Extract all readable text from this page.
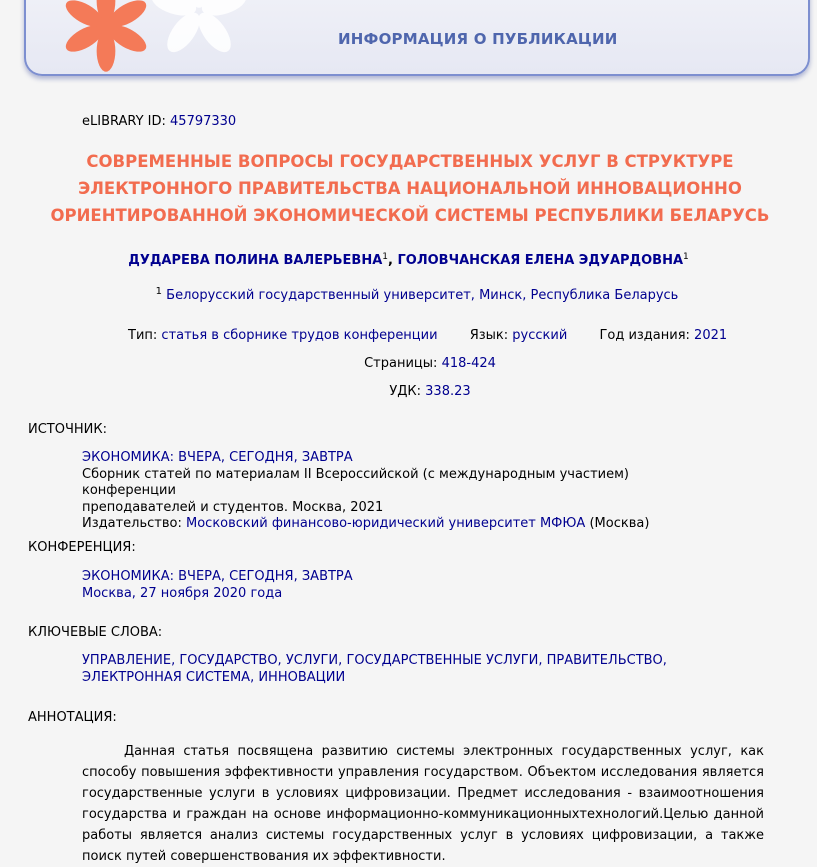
ИНФОРМАЦИЯ О ПУБЛИКАЦИИ
eLIBRARY ID: 45797330
СОВРЕМЕННЫЕ ВОПРОСЫ ГОСУДАРСТВЕННЫХ УСЛУГ В СТРУКТУРЕ
ЭЛЕКТРОННОГО ПРАВИТЕЛЬСТВА НАЦИОНАЛЬНОЙ ИННОВАЦИОННО
ОРИЕНТИРОВАННОЙ ЭКОНОМИЧЕСКОЙ СИСТЕМЫ РЕСПУБЛИКИ БЕЛАРУСЬ
ДУДАРЕВА ПОЛИНА ВАЛЕРЬЕВНА$^1$, ГОЛОВЧАНСКАЯ ЕЛЕНА ЭДУАРДОВНА$^1$
$^1$ Белорусский государственный университет, Минск, Республика Беларусь
Тип: статья в сборнике трудов конференции Язык: русский Год издания: 2021
Страницы: 418-424
УДК: 338.23
ИСТОЧНИК:
ЭКОНОМИКА: ВЧЕРА, СЕГОДНЯ, ЗАВТРА
Сборник статей по материалам II Всероссийской (с международным участием) конференции
преподавателей и студентов. Москва, 2021
Издательство: Московский финансово-юридический университет МФЮА (Москва)
КОНФЕРЕНЦИЯ:
ЭКОНОМИКА: ВЧЕРА, СЕГОДНЯ, ЗАВТРА
Москва, 27 ноября 2020 года
КЛЮЧЕВЫЕ СЛОВА:
УПРАВЛЕНИЕ, ГОСУДАРСТВО, УСЛУГИ, ГОСУДАРСТВЕННЫЕ УСЛУГИ, ПРАВИТЕЛЬСТВО,
ЭЛЕКТРОННАЯ СИСТЕМА, ИННОВАЦИИ
АННОТАЦИЯ:
Данная статья посвящена развитию системы электронных государственных услуг, как способу повышения эффективности управления государством. Объектом исследования является государственные услуги в условиях цифровизации. Предмет исследования - взаимоотношения государства и граждан на основе информационно-коммуникационныхтехнологий.Целью данной работы является анализ системы государственных услуг в условиях цифровизации, а также поиск путей совершенствования их эффективности.
